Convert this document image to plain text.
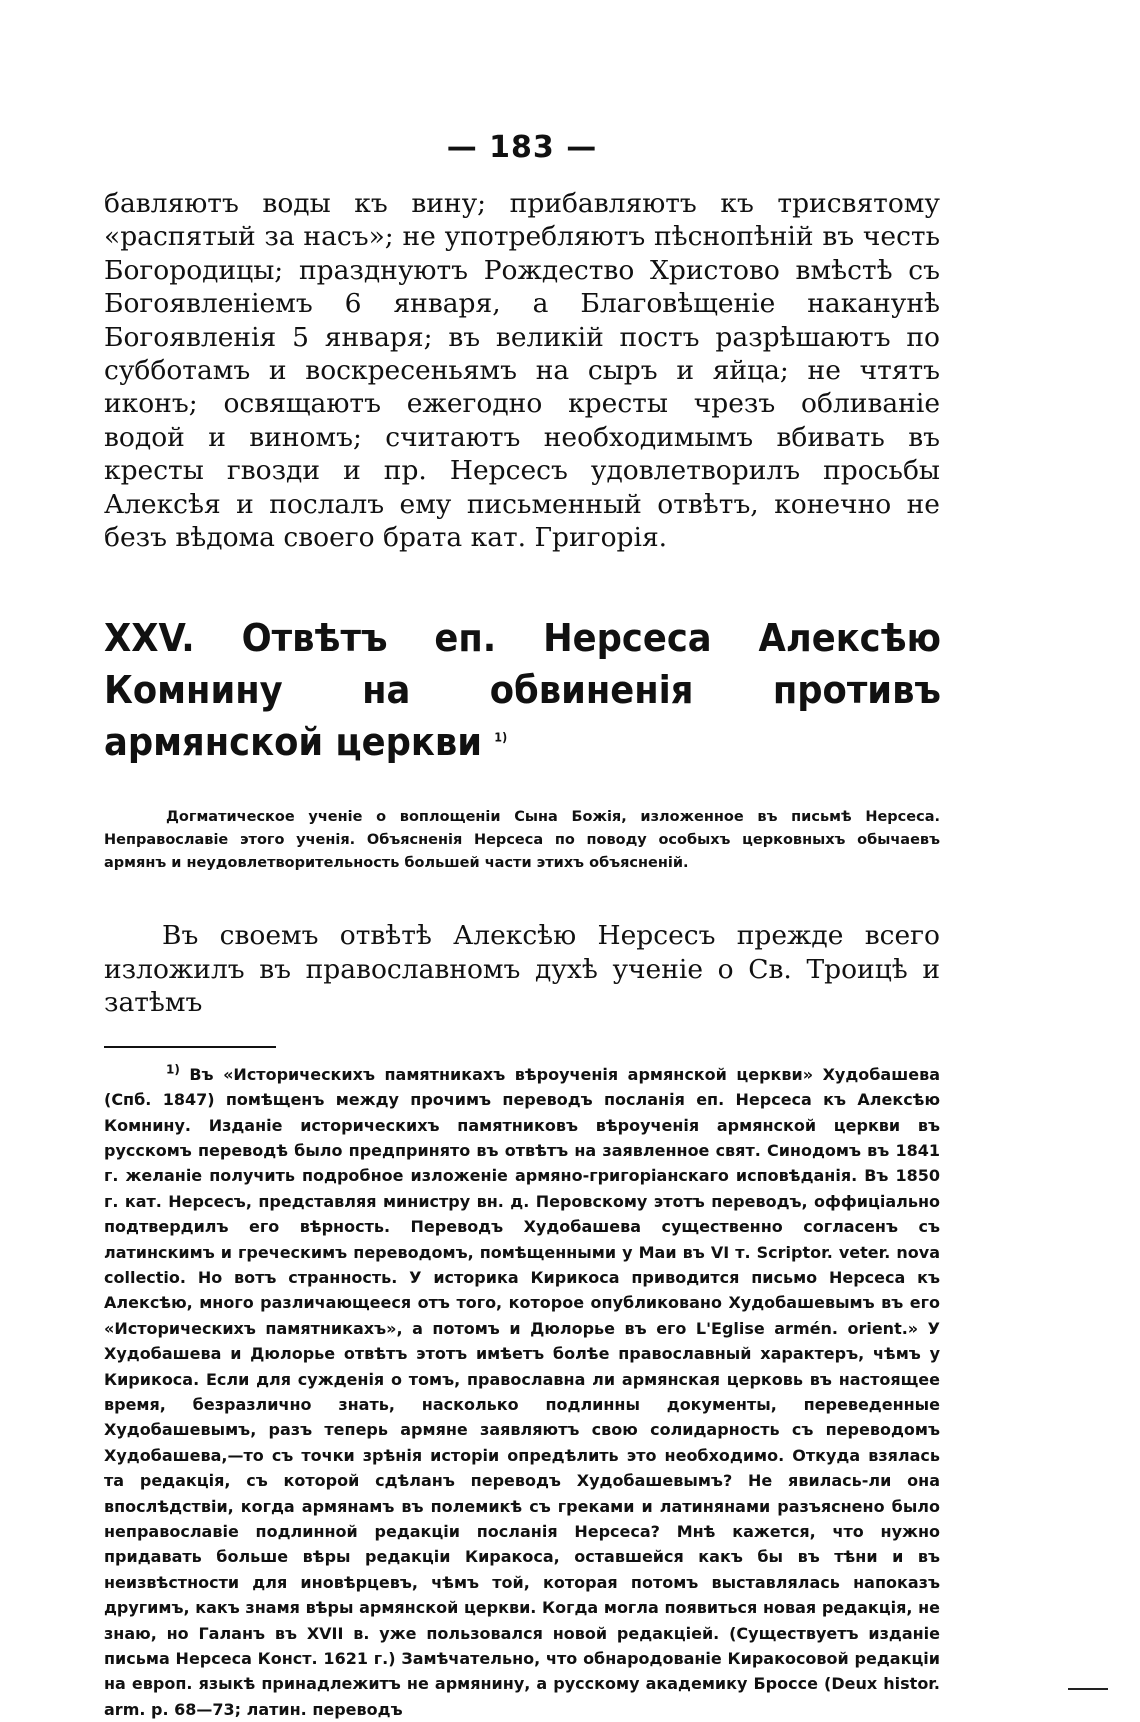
— 183 —

бавляютъ воды къ вину; прибавляютъ къ трисвятому «распятый за насъ»; не употребляютъ пѣснопѣній въ честь Богородицы; празднуютъ Рождество Христово вмѣстѣ съ Богоявленіемъ 6 января, а Благовѣщеніе наканунѣ Богоявленія 5 января; въ великій постъ разрѣшаютъ по субботамъ и воскресеньямъ на сыръ и яйца; не чтятъ иконъ; освящаютъ ежегодно кресты чрезъ обливаніе водой и виномъ; считаютъ необходимымъ вбивать въ кресты гвозди и пр. Нерсесъ удовлетворилъ просьбы Алексѣя и послалъ ему письменный отвѣтъ, конечно не безъ вѣдома своего брата кат. Григорія.

XXV. Отвѣтъ еп. Нерсеса Алексѣю Комнину на обвиненія противъ армянской церкви $^{1)}$

Догматическое ученіе о воплощеніи Сына Божія, изложенное въ письмѣ Нерсеса. Неправославіе этого ученія. Объясненія Нерсеса по поводу особыхъ церковныхъ обычаевъ армянъ и неудовлетворительность большей части этихъ объясненій.

Въ своемъ отвѣтѣ Алексѣю Нерсесъ прежде всего изложилъ въ православномъ духѣ ученіе о Св. Троицѣ и затѣмъ

$^{1)}$ Въ «Историческихъ памятникахъ вѣроученія армянской церкви» Худобашева (Спб. 1847) помѣщенъ между прочимъ переводъ посланія еп. Нерсеса къ Алексѣю Комнину. Изданіе историческихъ памятниковъ вѣроученія армянской церкви въ русскомъ переводѣ было предпринято въ отвѣтъ на заявленное свят. Синодомъ въ 1841 г. желаніе получить подробное изложеніе армяно-григоріанскаго исповѣданія. Въ 1850 г. кат. Нерсесъ, представляя министру вн. д. Перовскому этотъ переводъ, оффиціально подтвердилъ его вѣрность. Переводъ Худобашева существенно согласенъ съ латинскимъ и греческимъ переводомъ, помѣщенными у Маи въ VI т. Scriptor. veter. nova collectio. Но вотъ странность. У историка Кирикоса приводится письмо Нерсеса къ Алексѣю, много различающееся отъ того, которое опубликовано Худобашевымъ въ его «Историческихъ памятникахъ», а потомъ и Дюлорье въ его L'Eglise armén. orient.» У Худобашева и Дюлорье отвѣтъ этотъ имѣетъ болѣе православный характеръ, чѣмъ у Кирикоса. Если для сужденія о томъ, православна ли армянская церковь въ настоящее время, безразлично знать, насколько подлинны документы, переведенные Худобашевымъ, разъ теперь армяне заявляютъ свою солидарность съ переводомъ Худобашева,—то съ точки зрѣнія исторіи опредѣлить это необходимо. Откуда взялась та редакція, съ которой сдѣланъ переводъ Худобашевымъ? Не явилась-ли она впослѣдствіи, когда армянамъ въ полемикѣ съ греками и латинянами разъяснено было неправославіе подлинной редакціи посланія Нерсеса? Мнѣ кажется, что нужно придавать больше вѣры редакціи Киракоса, оставшейся какъ бы въ тѣни и въ неизвѣстности для иновѣрцевъ, чѣмъ той, которая потомъ выставлялась напоказъ другимъ, какъ знамя вѣры армянской церкви. Когда могла появиться новая редакція, не знаю, но Галанъ въ XVII в. уже пользовался новой редакціей. (Существуетъ изданіе письма Нерсеса Конст. 1621 г.) Замѣчательно, что обнародованіе Киракосовой редакціи на европ. языкѣ принадлежитъ не армянину, а русскому академику Броссе (Deux histor. arm. p. 68—73; латин. переводъ
